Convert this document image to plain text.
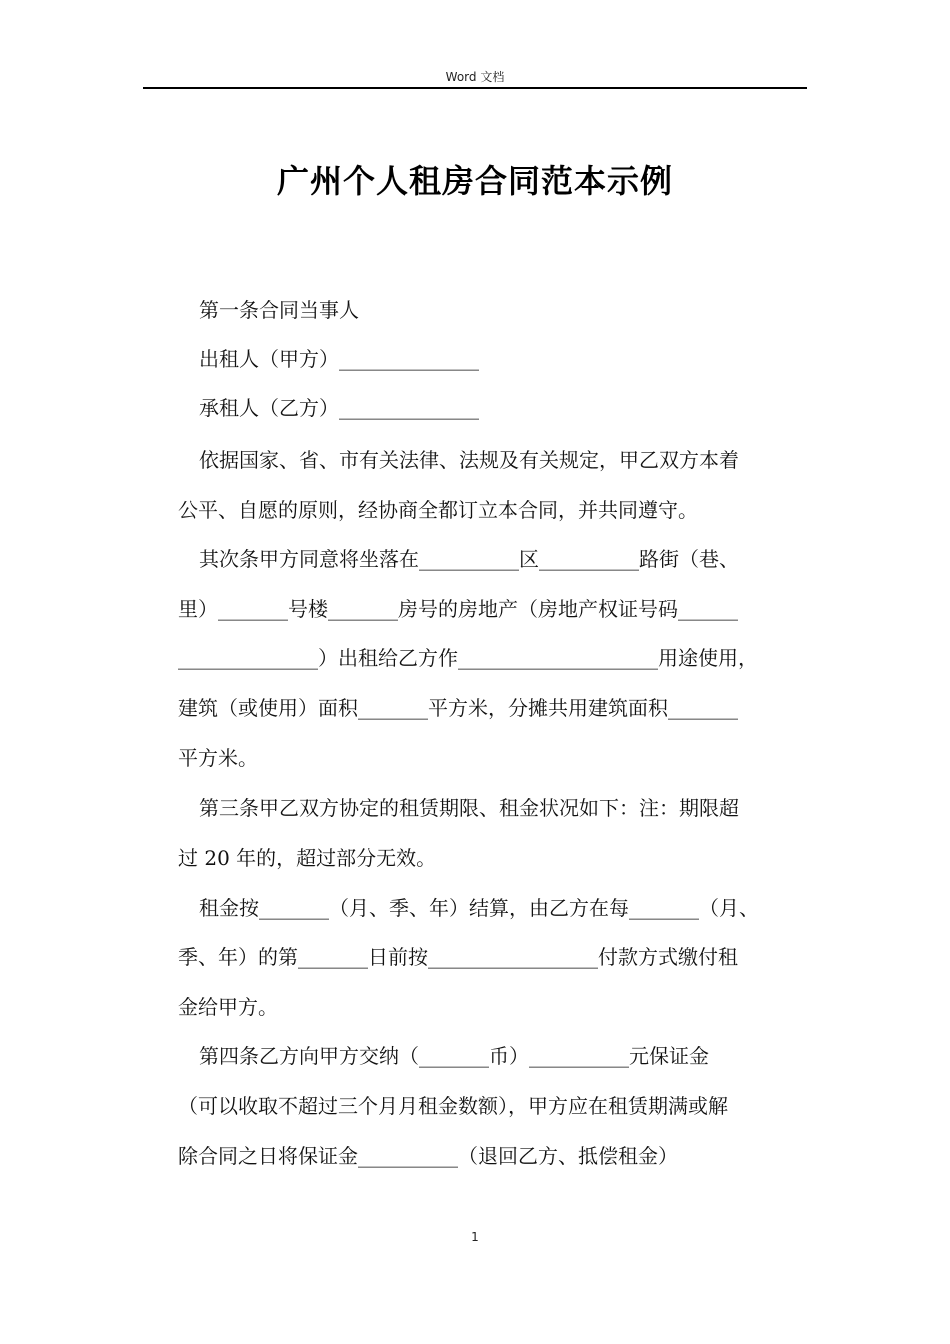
Word 文档
广州个人租房合同范本示例
第一条合同当事人
出租人（甲方）______________
承租人（乙方）______________
依据国家、省、市有关法律、法规及有关规定，甲乙双方本着
公平、自愿的原则，经协商全都订立本合同，并共同遵守。
其次条甲方同意将坐落在__________区__________路街（巷、
里）_______号楼_______房号的房地产（房地产权证号码______
______________）出租给乙方作____________________用途使用，
建筑（或使用）面积_______平方米，分摊共用建筑面积_______
平方米。
第三条甲乙双方协定的租赁期限、租金状况如下：注：期限超
过 20 年的，超过部分无效。
租金按_______（月、季、年）结算，由乙方在每_______（月、
季、年）的第_______日前按_________________付款方式缴付租
金给甲方。
第四条乙方向甲方交纳（_______币）__________元保证金
（可以收取不超过三个月月租金数额），甲方应在租赁期满或解
除合同之日将保证金__________（退回乙方、抵偿租金）
1
